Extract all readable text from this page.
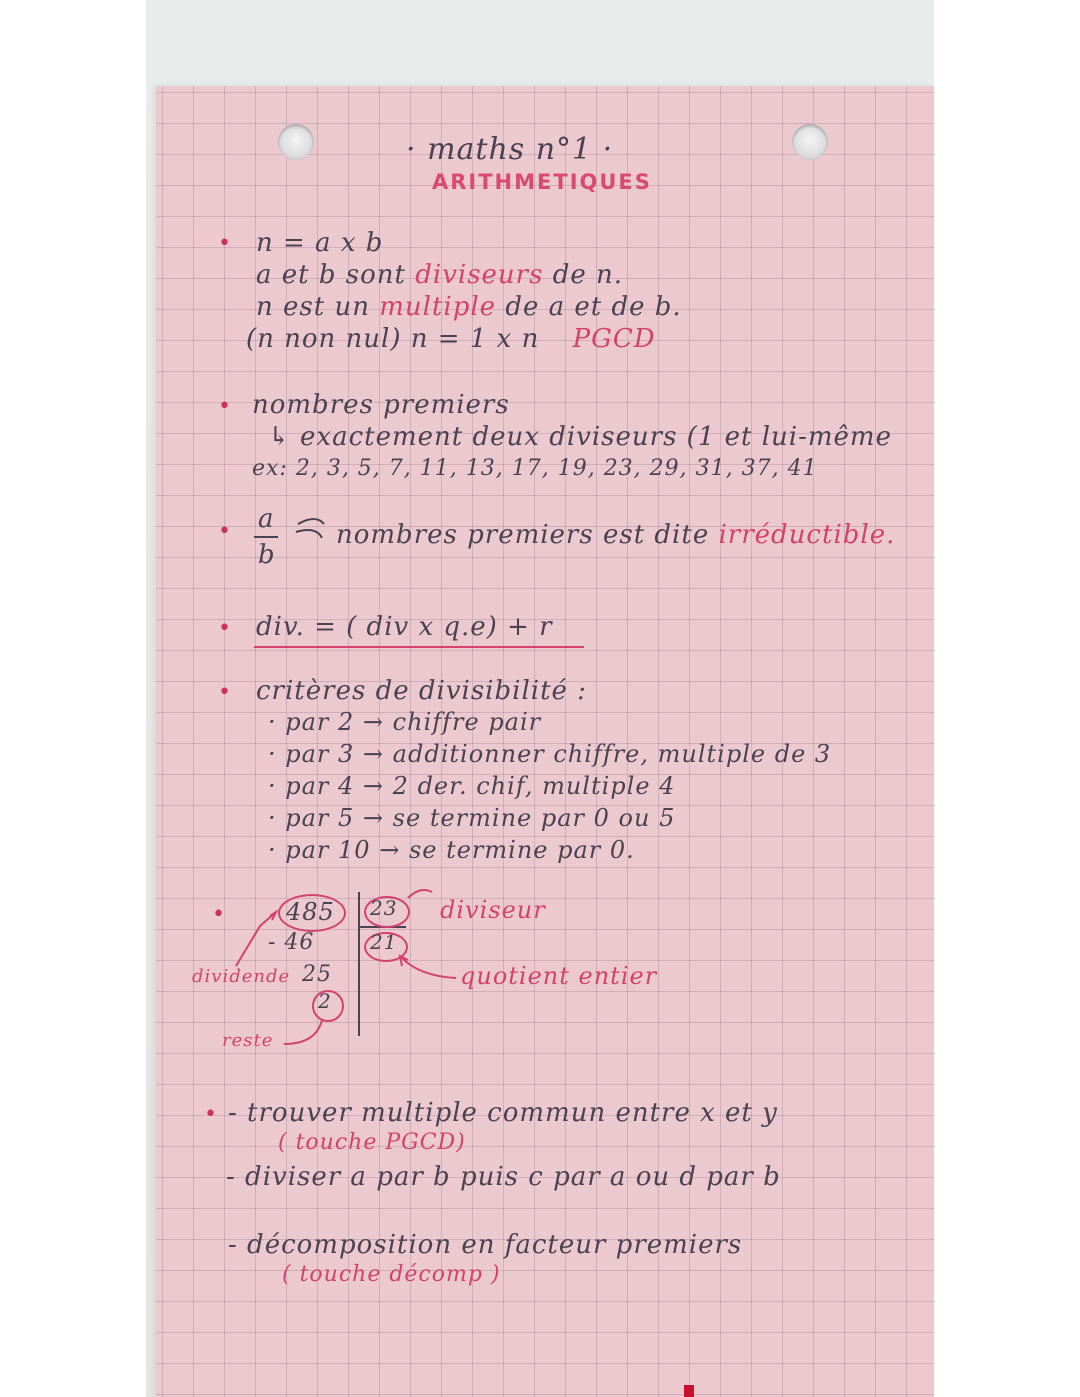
· maths n°1 ·
ARITHMETIQUES
• n = a x b
a et b sont diviseurs de n.
n est un multiple de a et de b.
(n non nul) n = 1 x n PGCD
• nombres premiers
↳ exactement deux diviseurs (1 et lui-même
ex: 2, 3, 5, 7, 11, 13, 17, 19, 23, 29, 31, 37, 41
• a
b
nombres premiers est dite irréductible.
• div. = ( div x q.e) + r
• critères de divisibilité :
· par 2 → chiffre pair
· par 3 → additionner chiffre, multiple de 3
· par 4 → 2 der. chif, multiple 4
· par 5 → se termine par 0 ou 5
· par 10 → se termine par 0.
•	485
- 46
25
2
23
21
diviseur
quotient entier
dividende
reste
• - trouver multiple commun entre x et y
( touche PGCD)
- diviser a par b puis c par a ou d par b
- décomposition en facteur premiers
( touche décomp )
